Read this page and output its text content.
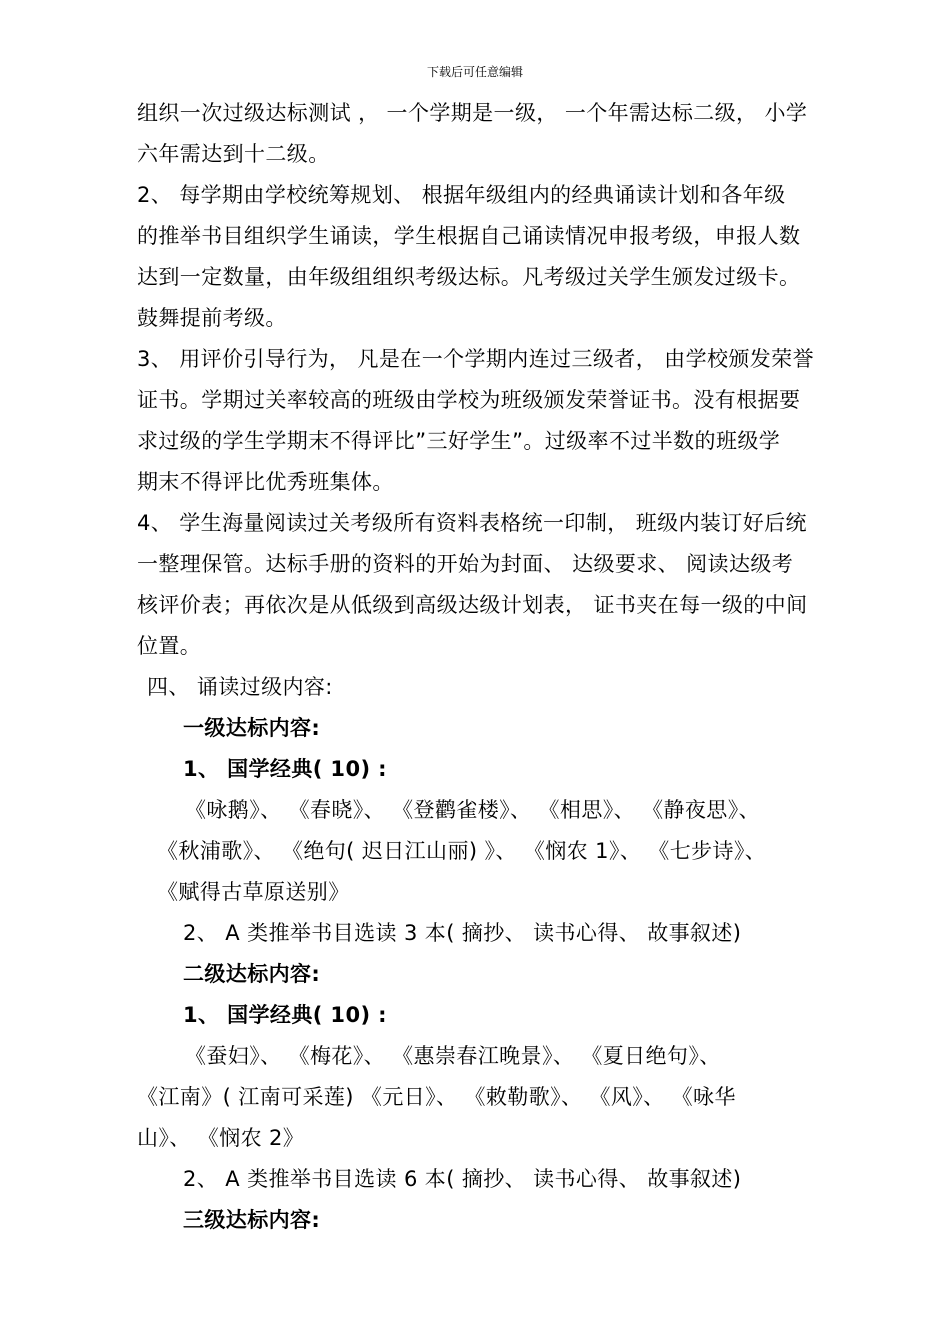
下载后可任意编辑
组织一次过级达标测试 ， 一个学期是一级， 一个年需达标二级， 小学
六年需达到十二级。
2、 每学期由学校统筹规划、 根据年级组内的经典诵读计划和各年级
的推举书目组织学生诵读，学生根据自己诵读情况申报考级，申报人数
达到一定数量，由年级组组织考级达标。凡考级过关学生颁发过级卡。
鼓舞提前考级。
3、 用评价引导行为， 凡是在一个学期内连过三级者， 由学校颁发荣誉
证书。学期过关率较高的班级由学校为班级颁发荣誉证书。没有根据要
求过级的学生学期末不得评比”三好学生”。过级率不过半数的班级学
期末不得评比优秀班集体。
4、 学生海量阅读过关考级所有资料表格统一印制， 班级内装订好后统
一整理保管。达标手册的资料的开始为封面、 达级要求、 阅读达级考
核评价表；再依次是从低级到高级达级计划表， 证书夹在每一级的中间
位置。
四、 诵读过级内容:
一级达标内容:
1、 国学经典( 10) :
《咏鹅》、 《春晓》、 《登鹳雀楼》、 《相思》、 《静夜思》、
《秋浦歌》、 《绝句( 迟日江山丽) 》、 《悯农 1》、 《七步诗》、
《赋得古草原送别》
2、 A 类推举书目选读 3 本( 摘抄、 读书心得、 故事叙述)
二级达标内容:
1、 国学经典( 10) :
《蚕妇》、 《梅花》、 《惠崇春江晚景》、 《夏日绝句》、
《江南》( 江南可采莲) 《元日》、 《敕勒歌》、 《风》、 《咏华
山》、 《悯农 2》
2、 A 类推举书目选读 6 本( 摘抄、 读书心得、 故事叙述)
三级达标内容:
